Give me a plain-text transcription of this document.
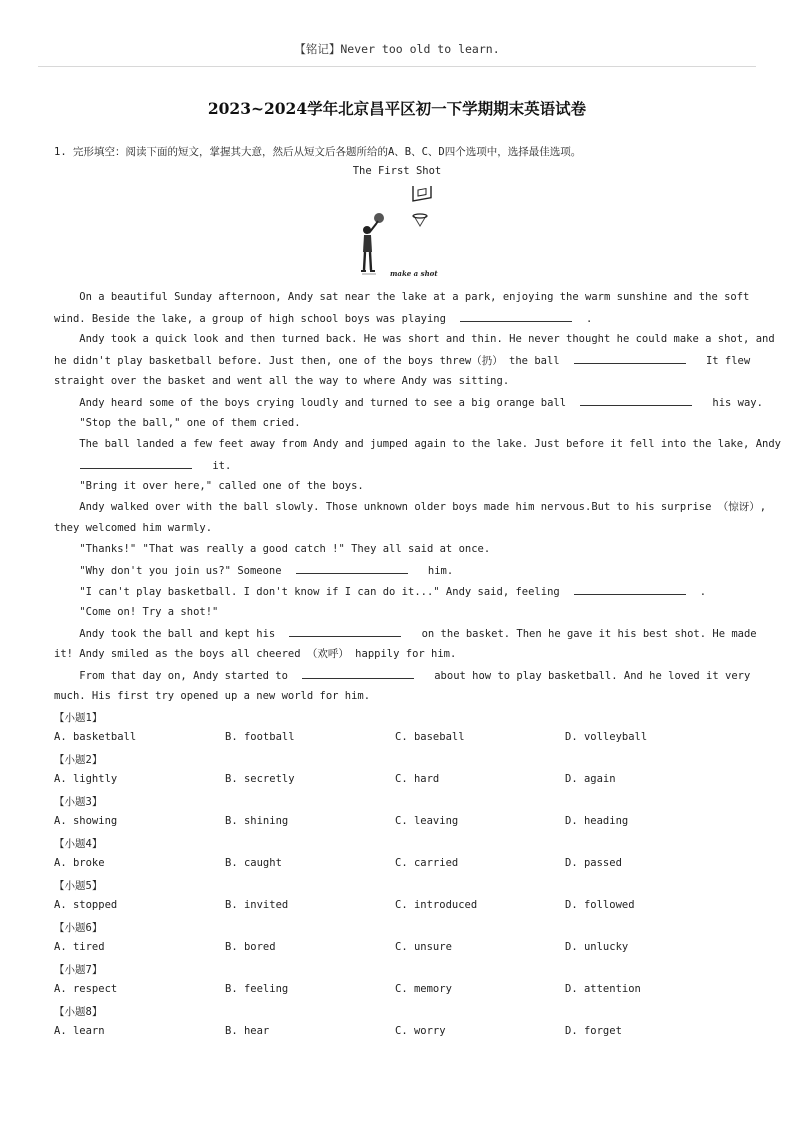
【铭记】Never too old to learn.
2023~2024学年北京昌平区初一下学期期末英语试卷
1. 完形填空：阅读下面的短文，掌握其大意，然后从短文后各题所给的A、B、C、D四个选项中，选择最佳选项。
The First Shot
make a shot
On a beautiful Sunday afternoon, Andy sat near the lake at a park, enjoying the warm sunshine and the soft
wind. Beside the lake, a group of high school boys was playing	.
Andy took a quick look and then turned back. He was short and thin. He never thought he could make a shot, and
he didn't play basketball before. Just then, one of the boys threw（扔） the ball	It flew
straight over the basket and went all the way to where Andy was sitting.
Andy heard some of the boys crying loudly and turned to see a big orange ball	his way.
"Stop the ball," one of them cried.
The ball landed a few feet away from Andy and jumped again to the lake. Just before it fell into the lake, Andy
it.
"Bring it over here," called one of the boys.
Andy walked over with the ball slowly. Those unknown older boys made him nervous.But to his surprise （惊讶）,
they welcomed him warmly.
"Thanks!" "That was really a good catch !" They all said at once.
"Why don't you join us?" Someone	him.
"I can't play basketball. I don't know if I can do it..." Andy said, feeling	.
"Come on! Try a shot!"
Andy took the ball and kept his	on the basket. Then he gave it his best shot. He made
it! Andy smiled as the boys all cheered （欢呼） happily for him.
From that day on, Andy started to	about how to play basketball. And he loved it very
much. His first try opened up a new world for him.
【小题1】
A. basketball	B. football	C. baseball	D. volleyball
【小题2】
A. lightly	B. secretly	C. hard	D. again
【小题3】
A. showing	B. shining	C. leaving	D. heading
【小题4】
A. broke	B. caught	C. carried	D. passed
【小题5】
A. stopped	B. invited	C. introduced	D. followed
【小题6】
A. tired	B. bored	C. unsure	D. unlucky
【小题7】
A. respect	B. feeling	C. memory	D. attention
【小题8】
A. learn	B. hear	C. worry	D. forget
